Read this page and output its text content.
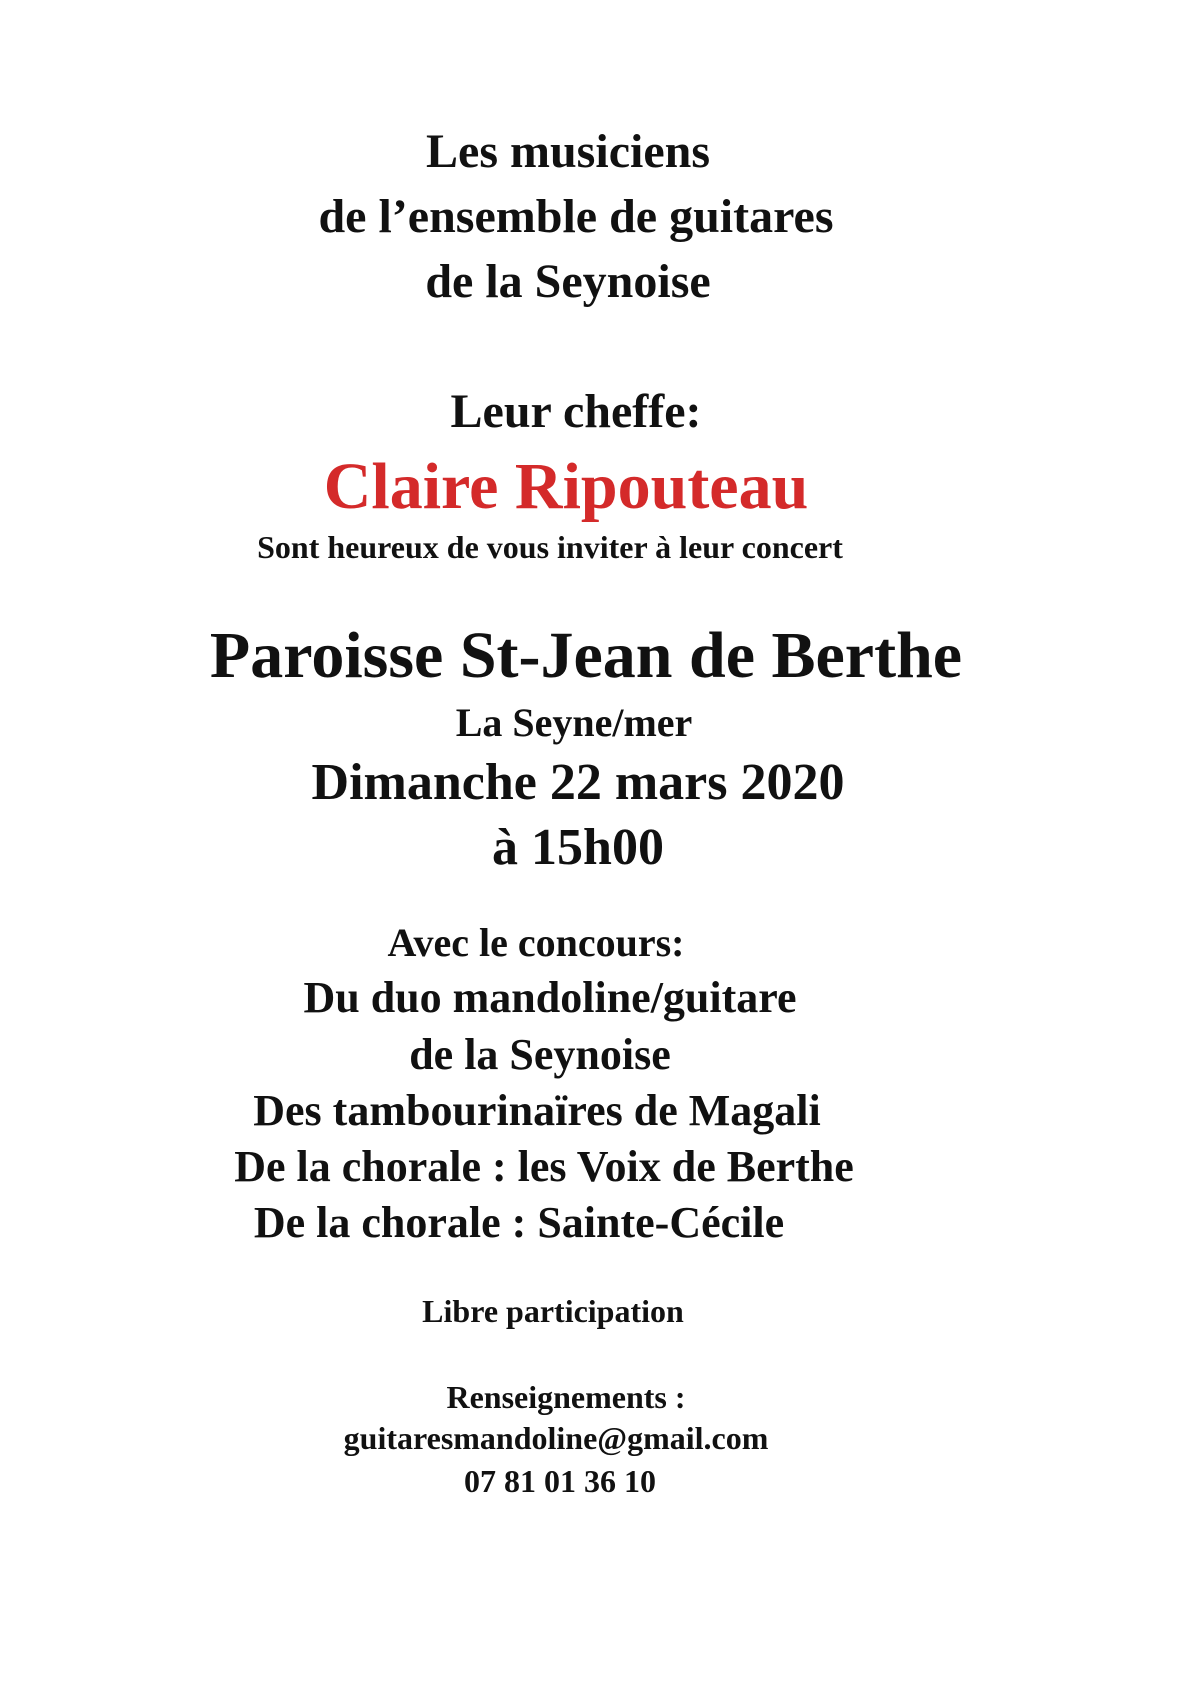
Les musiciens
de l’ensemble de guitares
de la Seynoise
Leur cheffe:
Claire Ripouteau
Sont heureux de vous inviter à leur concert
Paroisse St-Jean de Berthe
La Seyne/mer
Dimanche 22 mars 2020
à 15h00
Avec le concours:
Du duo mandoline/guitare
de la Seynoise
Des tambourinaïres de Magali
De la chorale : les Voix de Berthe
De la chorale : Sainte-Cécile
Libre participation
Renseignements :
guitaresmandoline@gmail.com
07 81 01 36 10
